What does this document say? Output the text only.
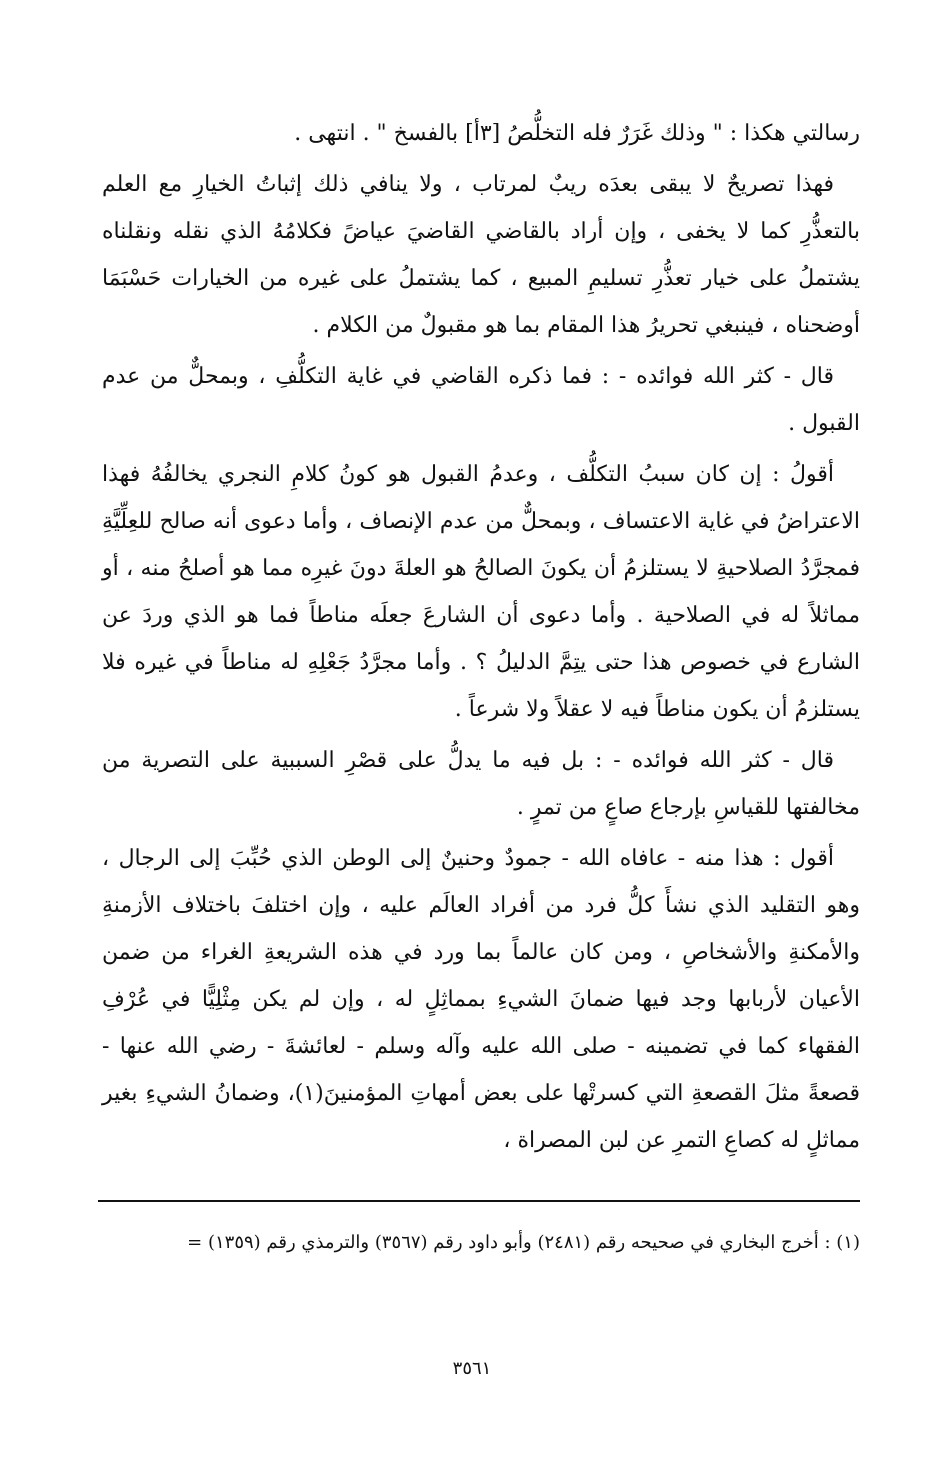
رسالتي هكذا : " وذلك غَرَرٌ فله التخلُّصُ [٣أ] بالفسخ " . انتهى .

فهذا تصريحٌ لا يبقى بعدَه ريبٌ لمرتاب ، ولا ينافي ذلك إثباتُ الخيارِ مع العلم بالتعذُّرِ كما لا يخفى ، وإن أراد بالقاضي القاضيَ عياضً فكلامُهُ الذي نقله ونقلناه يشتملُ على خيار تعذُّرِ تسليمِ المبيع ، كما يشتملُ على غيره من الخيارات حَسْبَمَا أوضحناه ، فينبغي تحريرُ هذا المقام بما هو مقبولٌ من الكلام .

قال - كثر الله فوائده - : فما ذكره القاضي في غاية التكلُّفِ ، وبمحلٌّ من عدم القبول .

أقولُ : إن كان سببُ التكلُّف ، وعدمُ القبول هو كونُ كلامِ النجري يخالفُهُ فهذا الاعتراضُ في غاية الاعتساف ، وبمحلٌّ من عدم الإنصاف ، وأما دعوى أنه صالح للعِلِّيَّةِ فمجرَّدُ الصلاحيةِ لا يستلزمُ أن يكونَ الصالحُ هو العلةَ دونَ غيرِه مما هو أصلحُ منه ، أو مماثلاً له في الصلاحية . وأما دعوى أن الشارعَ جعلَه مناطاً فما هو الذي وردَ عن الشارع في خصوص هذا حتى يتِمَّ الدليلُ ؟ . وأما مجرَّدُ جَعْلِهِ له مناطاً في غيره فلا يستلزمُ أن يكون مناطاً فيه لا عقلاً ولا شرعاً .

قال - كثر الله فوائده - : بل فيه ما يدلُّ على قصْرِ السببية على التصرية من مخالفتها للقياسِ بإرجاع صاعٍ من تمرٍ .

أقول : هذا منه - عافاه الله - جمودٌ وحنينٌ إلى الوطن الذي حُبِّبَ إلى الرجال ، وهو التقليد الذي نشأَ كلُّ فرد من أفراد العالَم عليه ، وإن اختلفَ باختلاف الأزمنةِ والأمكنةِ والأشخاصِ ، ومن كان عالماً بما ورد في هذه الشريعةِ الغراء من ضمن الأعيان لأربابها وجد فيها ضمانَ الشيءِ بمماثِلٍ له ، وإن لم يكن مِثْلِيًّا في عُرْفِ الفقهاء كما في تضمينه - صلى الله عليه وآله وسلم - لعائشةَ - رضي الله عنها - قصعةً مثلَ القصعةِ التي كسرتْها على بعض أمهاتِ المؤمنينَ(١)، وضمانُ الشيءِ بغير مماثلٍ له كصاعِ التمرِ عن لبن المصراة ،

(١) : أخرج البخاري في صحيحه رقم (٢٤٨١) وأبو داود رقم (٣٥٦٧) والترمذي رقم (١٣٥٩) =
٣٥٦١
